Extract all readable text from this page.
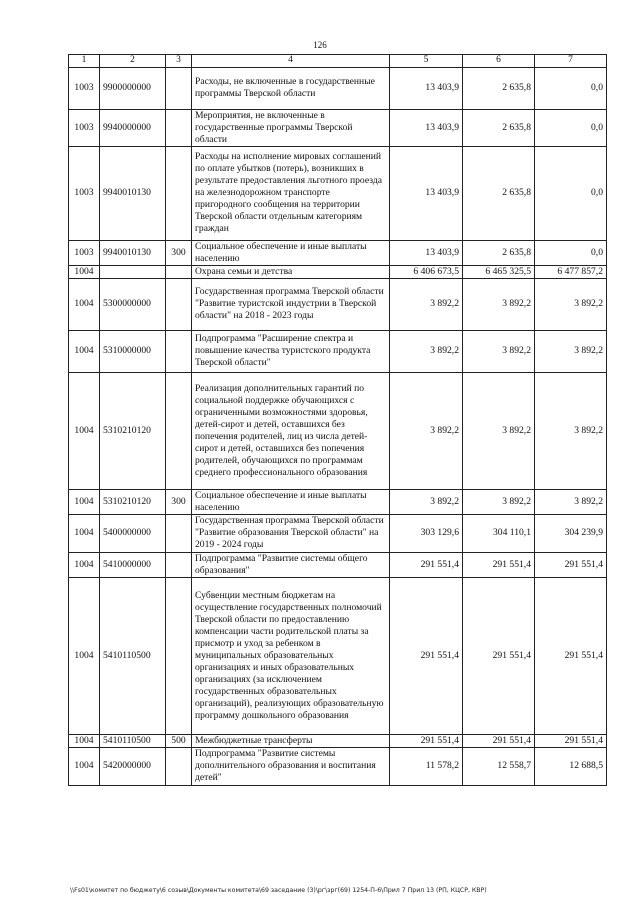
126
1	2	3	4	5	6	7
1003	9900000000		Расходы, не включенные в государственные программы Тверской области	13 403,9	2 635,8	0,0
1003	9940000000		Мероприятия, не включенные в государственные программы Тверской области	13 403,9	2 635,8	0,0
1003	9940010130		Расходы на исполнение мировых соглашений по оплате убытков (потерь), возникших в результате предоставления льготного проезда на железнодорожном транспорте пригородного сообщения на территории Тверской области отдельным категориям граждан	13 403,9	2 635,8	0,0
1003	9940010130	300	Социальное обеспечение и иные выплаты населению	13 403,9	2 635,8	0,0
1004			Охрана семьи и детства	6 406 673,5	6 465 325,5	6 477 857,2
1004	5300000000		Государственная программа Тверской области "Развитие туристской индустрии в Тверской области" на 2018 - 2023 годы	3 892,2	3 892,2	3 892,2
1004	5310000000		Подпрограмма "Расширение спектра и повышение качества туристского продукта Тверской области"	3 892,2	3 892,2	3 892,2
1004	5310210120		Реализация дополнительных гарантий по социальной поддержке обучающихся с ограниченными возможностями здоровья, детей-сирот и детей, оставшихся без попечения родителей, лиц из числа детей-сирот и детей, оставшихся без попечения родителей, обучающихся по программам среднего профессионального образования	3 892,2	3 892,2	3 892,2
1004	5310210120	300	Социальное обеспечение и иные выплаты населению	3 892,2	3 892,2	3 892,2
1004	5400000000		Государственная программа Тверской области "Развитие образования Тверской области" на 2019 - 2024 годы	303 129,6	304 110,1	304 239,9
1004	5410000000		Подпрограмма "Развитие системы общего образования"	291 551,4	291 551,4	291 551,4
1004	5410110500		Субвенции местным бюджетам на осуществление государственных полномочий Тверской области по предоставлению компенсации части родительской платы за присмотр и уход за ребенком в муниципальных образовательных организациях и иных образовательных организациях (за исключением государственных образовательных организаций), реализующих образовательную программу дошкольного образования	291 551,4	291 551,4	291 551,4
1004	5410110500	500	Межбюджетные трансферты	291 551,4	291 551,4	291 551,4
1004	5420000000		Подпрограмма "Развитие системы дополнительного образования и воспитания детей"	11 578,2	12 558,7	12 688,5
\\Fs01\комитет по бюджету\6 созыв\Документы комитета\69 заседание (3)\рг\зрг(69) 1254-П-6\Прил 7 Прил 13 (РП, КЦСР, КВР)
